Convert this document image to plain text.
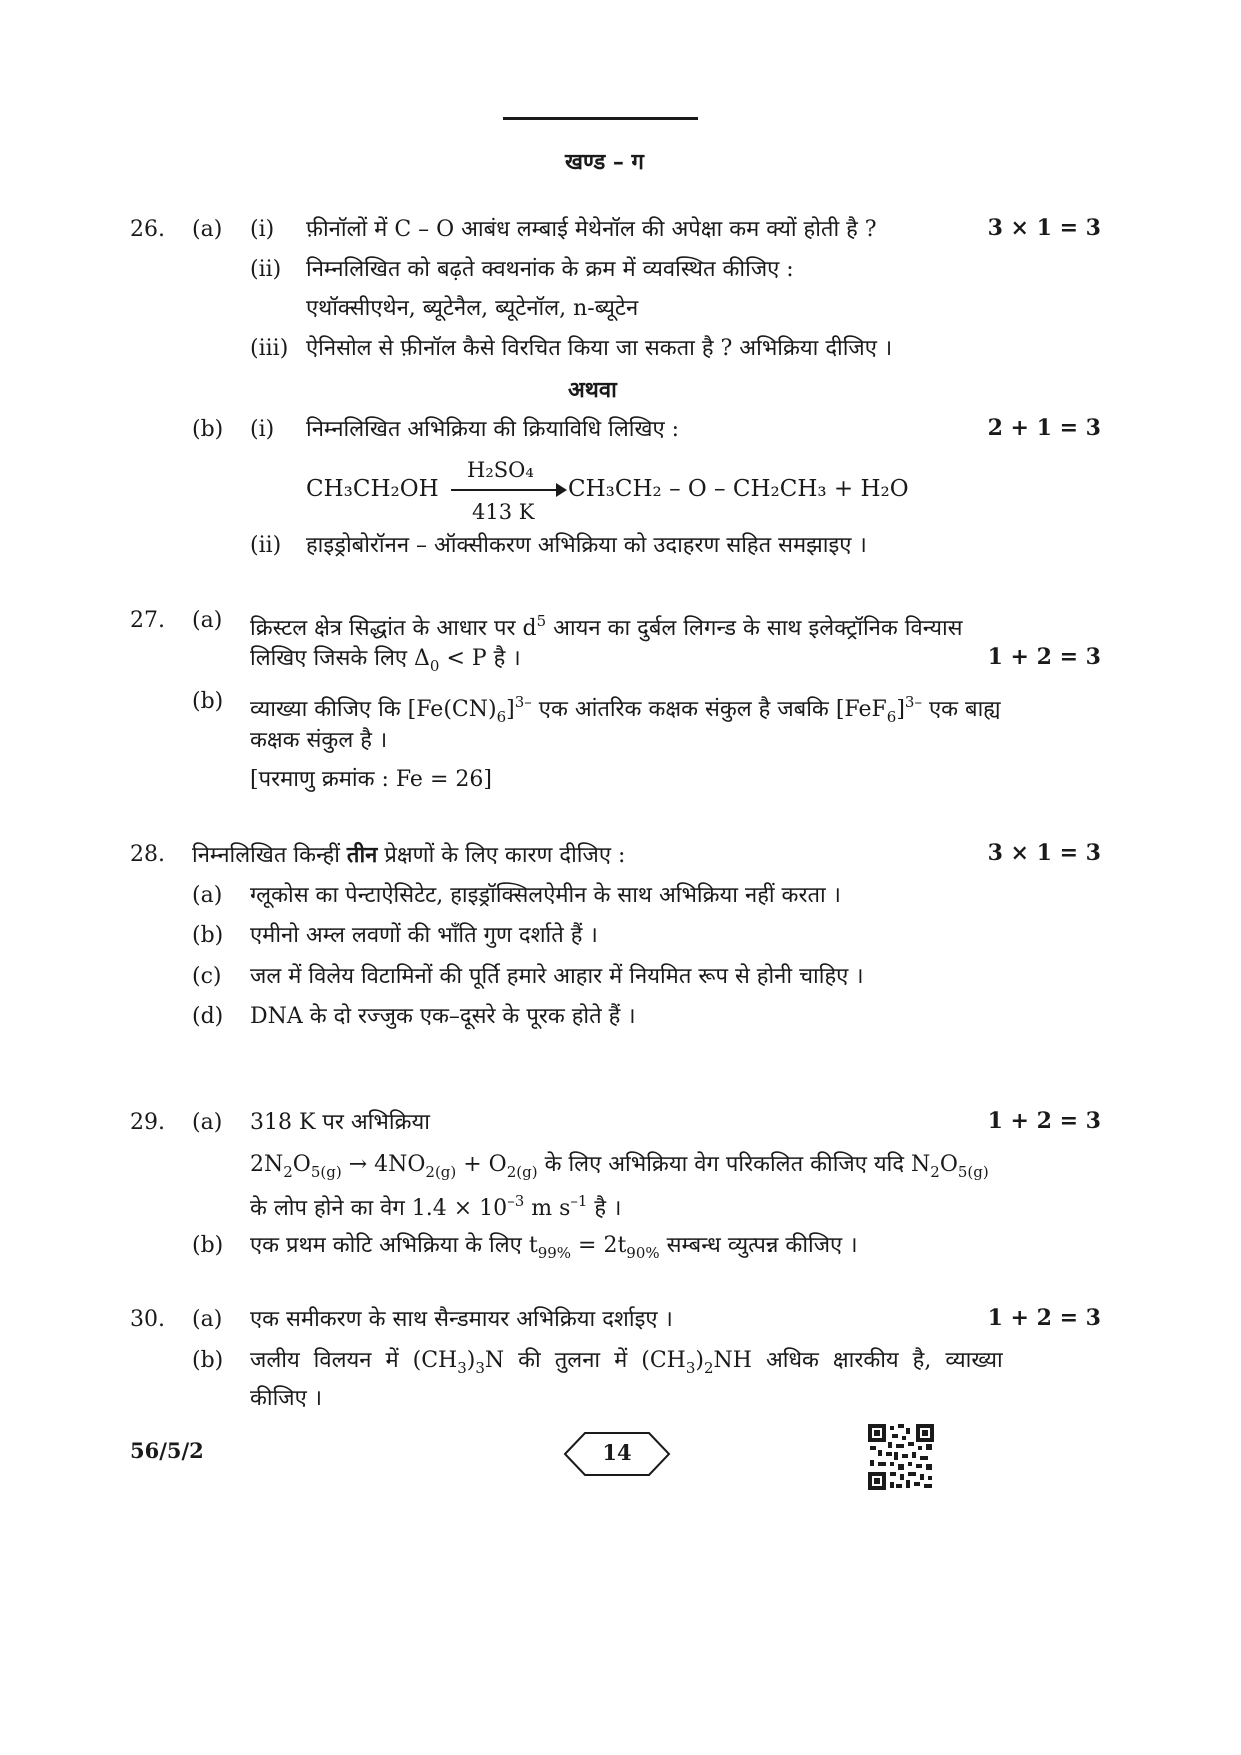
खण्ड – ग
26. (a) (i) फ़ीनॉलों में C – O आबंध लम्बाई मेथेनॉल की अपेक्षा कम क्यों होती है ?	3 × 1 = 3
(ii) निम्नलिखित को बढ़ते क्वथनांक के क्रम में व्यवस्थित कीजिए :
एथॉक्सीएथेन, ब्यूटेनैल, ब्यूटेनॉल, n-ब्यूटेन
(iii) ऐनिसोल से फ़ीनॉल कैसे विरचित किया जा सकता है ? अभिक्रिया दीजिए ।
अथवा
(b) (i) निम्नलिखित अभिक्रिया की क्रियाविधि लिखिए :	2 + 1 = 3
CH₃CH₂OH
H₂SO₄
413 K
CH₃CH₂ – O – CH₂CH₃ + H₂O
(ii) हाइड्रोबोरॉनन – ऑक्सीकरण अभिक्रिया को उदाहरण सहित समझाइए ।
27. (a) क्रिस्टल क्षेत्र सिद्धांत के आधार पर $d^5$ आयन का दुर्बल लिगन्ड के साथ इलेक्ट्रॉनिक विन्यास
लिखिए जिसके लिए $\Delta_0 < P$ है ।	1 + 2 = 3
(b) व्याख्या कीजिए कि $[Fe(CN)_6]^{3-}$ एक आंतरिक कक्षक संकुल है जबकि $[FeF_6]^{3-}$ एक बाह्य
कक्षक संकुल है ।
[परमाणु क्रमांक : Fe = 26]
28. निम्नलिखित किन्हीं तीन प्रेक्षणों के लिए कारण दीजिए :	3 × 1 = 3
(a) ग्लूकोस का पेन्टाऐसिटेट, हाइड्रॉक्सिलऐमीन के साथ अभिक्रिया नहीं करता ।
(b) एमीनो अम्ल लवणों की भाँति गुण दर्शाते हैं ।
(c) जल में विलेय विटामिनों की पूर्ति हमारे आहार में नियमित रूप से होनी चाहिए ।
(d) DNA के दो रज्जुक एक–दूसरे के पूरक होते हैं ।
29. (a) 318 K पर अभिक्रिया	1 + 2 = 3
$2N_2O_{5(g)} \to 4NO_{2(g)} + O_{2(g)}$ के लिए अभिक्रिया वेग परिकलित कीजिए यदि $N_2O_{5(g)}$
के लोप होने का वेग $1.4 \times 10^{-3}$ m $s^{-1}$ है ।
(b) एक प्रथम कोटि अभिक्रिया के लिए $t_{99\%} = 2t_{90\%}$ सम्बन्ध व्युत्पन्न कीजिए ।
30. (a) एक समीकरण के साथ सैन्डमायर अभिक्रिया दर्शाइए ।	1 + 2 = 3
(b) जलीय  विलयन  में  $(CH_3)_3N$  की  तुलना  में  $(CH_3)_2NH$  अधिक  क्षारकीय  है,  व्याख्या
कीजिए ।
56/5/2	14
